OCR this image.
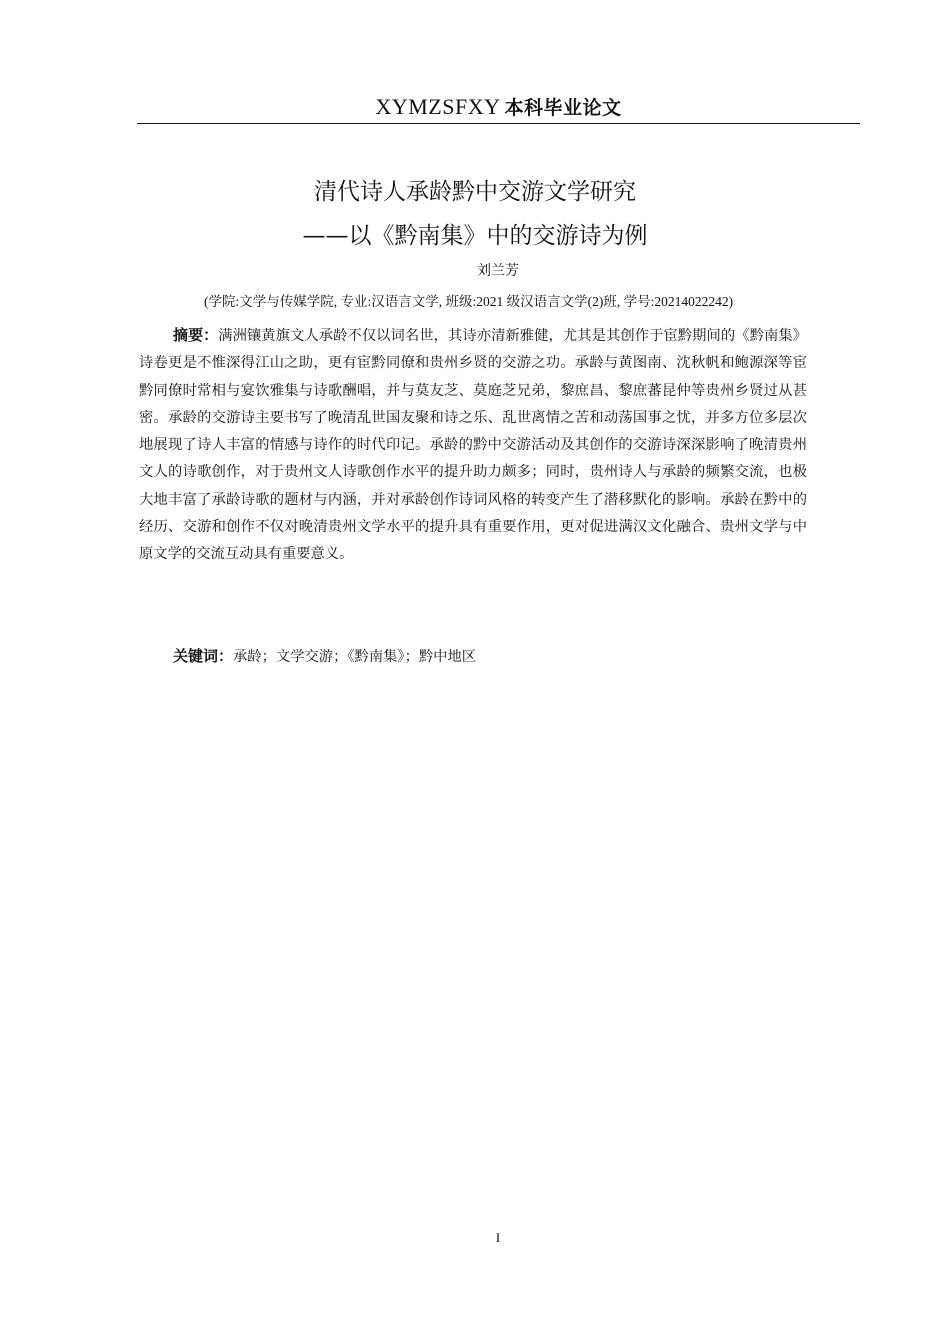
XYMZSFXY 本科毕业论文
清代诗人承龄黔中交游文学研究
——以《黔南集》中的交游诗为例
刘兰芳
(学院:文学与传媒学院, 专业:汉语言文学, 班级:2021 级汉语言文学(2)班, 学号:20214022242)

摘要：满洲镶黄旗文人承龄不仅以词名世，其诗亦清新雅健，尤其是其创作于宦黔期间的《黔南集》诗卷更是不惟深得江山之助，更有宦黔同僚和贵州乡贤的交游之功。承龄与黄图南、沈秋帆和鲍源深等宦黔同僚时常相与宴饮雅集与诗歌酬唱，并与莫友芝、莫庭芝兄弟，黎庶昌、黎庶蕃昆仲等贵州乡贤过从甚密。承龄的交游诗主要书写了晚清乱世国友聚和诗之乐、乱世离情之苦和动荡国事之忧，并多方位多层次地展现了诗人丰富的情感与诗作的时代印记。承龄的黔中交游活动及其创作的交游诗深深影响了晚清贵州文人的诗歌创作，对于贵州文人诗歌创作水平的提升助力颇多；同时，贵州诗人与承龄的频繁交流，也极大地丰富了承龄诗歌的题材与内涵，并对承龄创作诗词风格的转变产生了潜移默化的影响。承龄在黔中的经历、交游和创作不仅对晚清贵州文学水平的提升具有重要作用，更对促进满汉文化融合、贵州文学与中原文学的交流互动具有重要意义。

关键词：承龄；文学交游；《黔南集》；黔中地区
I
